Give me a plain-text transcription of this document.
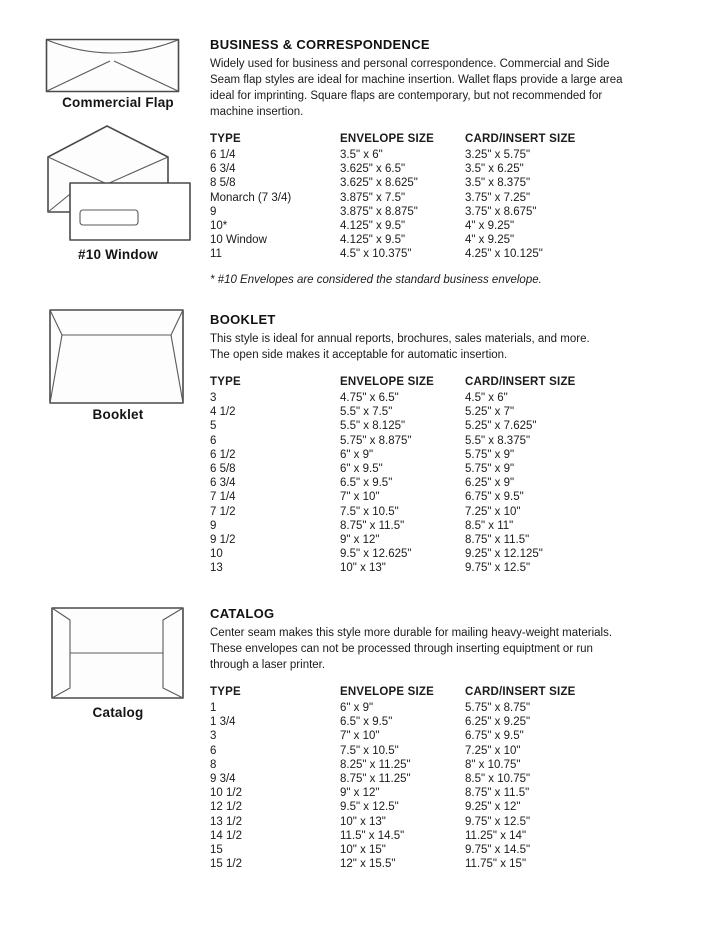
Commercial Flap
#10 Window
Booklet
Catalog
BUSINESS & CORRESPONDENCE
Widely used for business and personal correspondence. Commercial and Side
Seam flap styles are ideal for machine insertion. Wallet flaps provide a large area
ideal for imprinting. Square flaps are contemporary, but not recommended for
machine insertion.
TYPE	ENVELOPE SIZE	CARD/INSERT SIZE
6 1/4	3.5" x 6"	3.25" x 5.75"
6 3/4	3.625" x 6.5"	3.5" x 6.25"
8 5/8	3.625" x 8.625"	3.5" x 8.375"
Monarch (7 3/4)	3.875" x 7.5"	3.75" x 7.25"
9	3.875" x 8.875"	3.75" x 8.675"
10*	4.125" x 9.5"	4" x 9.25"
10 Window	4.125" x 9.5"	4" x 9.25"
11	4.5" x 10.375"	4.25" x 10.125"
* #10 Envelopes are considered the standard business envelope.
BOOKLET
This style is ideal for annual reports, brochures, sales materials, and more.
The open side makes it acceptable for automatic insertion.
TYPE	ENVELOPE SIZE	CARD/INSERT SIZE
3	4.75" x 6.5"	4.5" x 6"
4 1/2	5.5" x 7.5"	5.25" x 7"
5	5.5" x 8.125"	5.25" x 7.625"
6	5.75" x 8.875"	5.5" x 8.375"
6 1/2	6" x 9"	5.75" x 9"
6 5/8	6" x 9.5"	5.75" x 9"
6 3/4	6.5" x 9.5"	6.25" x 9"
7 1/4	7" x 10"	6.75" x 9.5"
7 1/2	7.5" x 10.5"	7.25" x 10"
9	8.75" x 11.5"	8.5" x 11"
9 1/2	9" x 12"	8.75" x 11.5"
10	9.5" x 12.625"	9.25" x 12.125"
13	10" x 13"	9.75" x 12.5"
CATALOG
Center seam makes this style more durable for mailing heavy-weight materials.
These envelopes can not be processed through inserting equiptment or run
through a laser printer.
TYPE	ENVELOPE SIZE	CARD/INSERT SIZE
1	6" x 9"	5.75" x 8.75"
1 3/4	6.5" x 9.5"	6.25" x 9.25"
3	7" x 10"	6.75" x 9.5"
6	7.5" x 10.5"	7.25" x 10"
8	8.25" x 11.25"	8" x 10.75"
9 3/4	8.75" x 11.25"	8.5" x 10.75"
10 1/2	9" x 12"	8.75" x 11.5"
12 1/2	9.5" x 12.5"	9.25" x 12"
13 1/2	10" x 13"	9.75" x 12.5"
14 1/2	11.5" x 14.5"	11.25" x 14"
15	10" x 15"	9.75" x 14.5"
15 1/2	12" x 15.5"	11.75" x 15"
